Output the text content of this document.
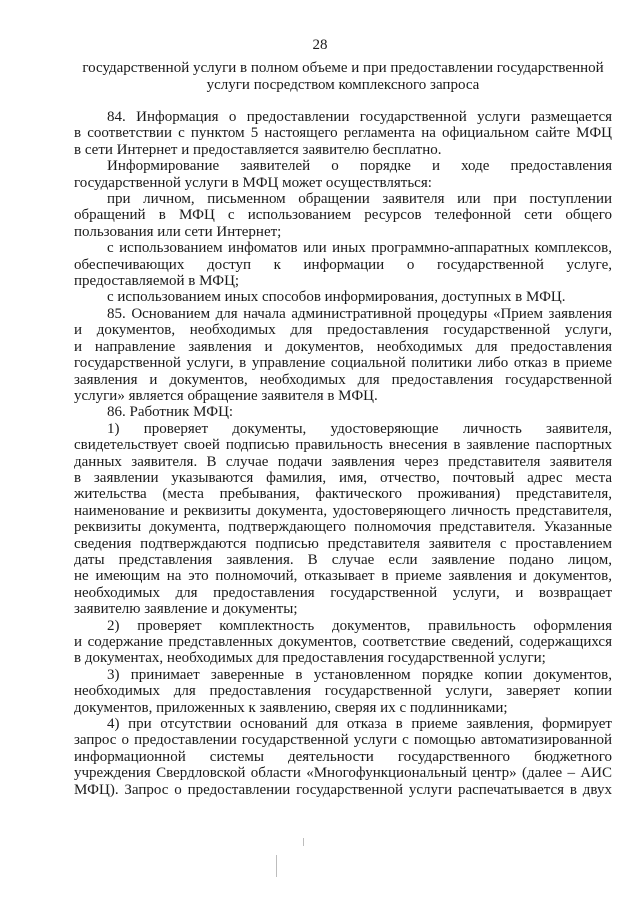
28
государственной услуги в полном объеме и при предоставлении государственной
услуги посредством комплексного запроса
84. Информация о предоставлении государственной услуги размещается
в соответствии с пунктом 5 настоящего регламента на официальном сайте МФЦ
в сети Интернет и предоставляется заявителю бесплатно.
Информирование заявителей о порядке и ходе предоставления
государственной услуги в МФЦ может осуществляться:
при личном, письменном обращении заявителя или при поступлении
обращений в МФЦ с использованием ресурсов телефонной сети общего
пользования или сети Интернет;
с использованием инфоматов или иных программно-аппаратных комплексов,
обеспечивающих доступ к информации о государственной услуге,
предоставляемой в МФЦ;
с использованием иных способов информирования, доступных в МФЦ.
85. Основанием для начала административной процедуры «Прием заявления
и документов, необходимых для предоставления государственной услуги,
и направление заявления и документов, необходимых для предоставления
государственной услуги, в управление социальной политики либо отказ в приеме
заявления и документов, необходимых для предоставления государственной
услуги» является обращение заявителя в МФЦ.
86. Работник МФЦ:
1) проверяет документы, удостоверяющие личность заявителя,
свидетельствует своей подписью правильность внесения в заявление паспортных
данных заявителя. В случае подачи заявления через представителя заявителя
в заявлении указываются фамилия, имя, отчество, почтовый адрес места
жительства (места пребывания, фактического проживания) представителя,
наименование и реквизиты документа, удостоверяющего личность представителя,
реквизиты документа, подтверждающего полномочия представителя. Указанные
сведения подтверждаются подписью представителя заявителя с проставлением
даты представления заявления. В случае если заявление подано лицом,
не имеющим на это полномочий, отказывает в приеме заявления и документов,
необходимых для предоставления государственной услуги, и возвращает
заявителю заявление и документы;
2) проверяет комплектность документов, правильность оформления
и содержание представленных документов, соответствие сведений, содержащихся
в документах, необходимых для предоставления государственной услуги;
3) принимает заверенные в установленном порядке копии документов,
необходимых для предоставления государственной услуги, заверяет копии
документов, приложенных к заявлению, сверяя их с подлинниками;
4) при отсутствии оснований для отказа в приеме заявления, формирует
запрос о предоставлении государственной услуги с помощью автоматизированной
информационной системы деятельности государственного бюджетного
учреждения Свердловской области «Многофункциональный центр» (далее – АИС
МФЦ). Запрос о предоставлении государственной услуги распечатывается в двух
